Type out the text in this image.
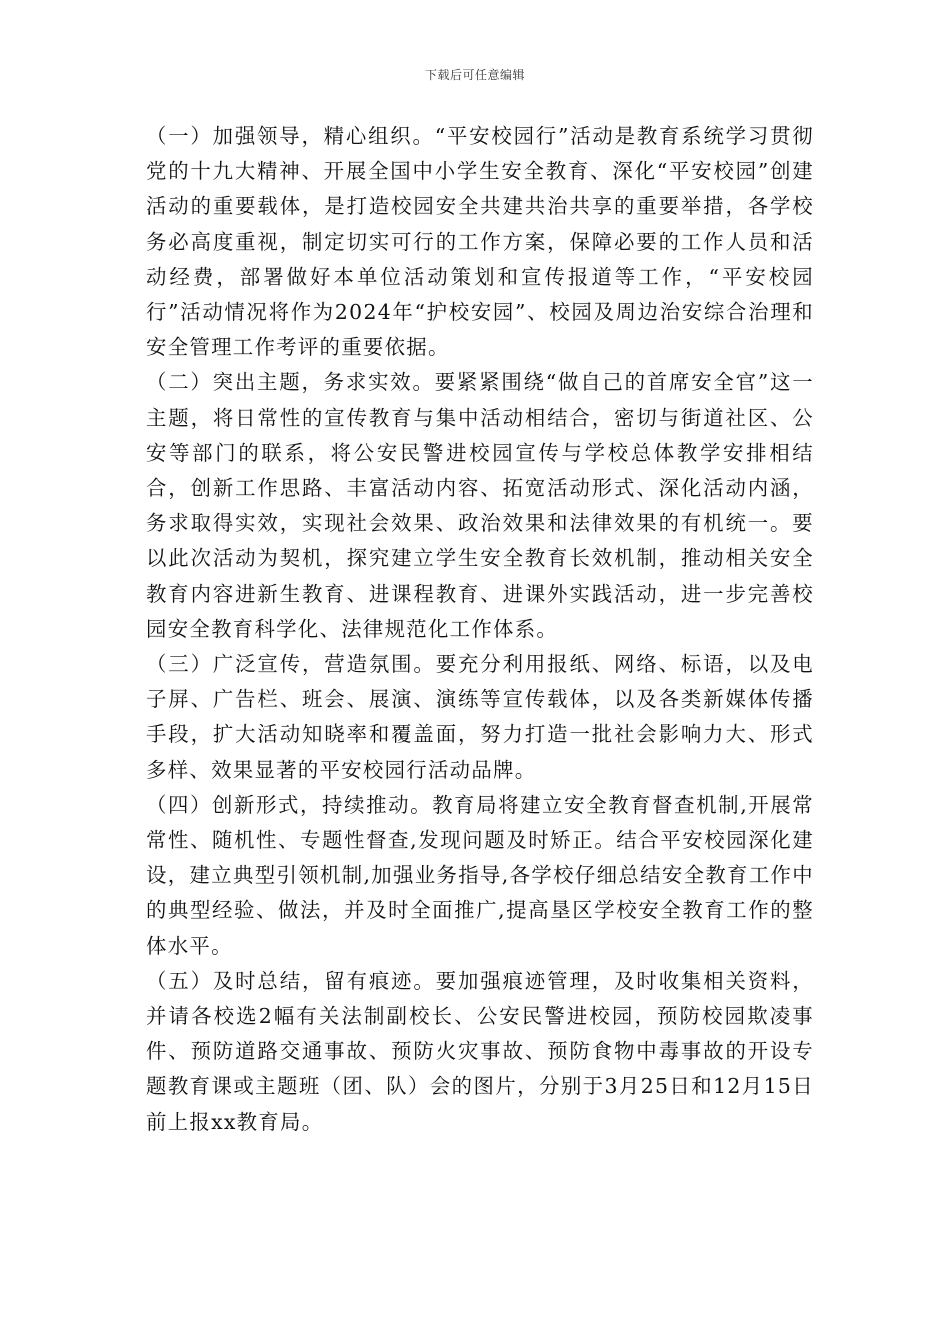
下载后可任意编辑

（一）加强领导，精心组织。“平安校园行”活动是教育系统学习贯彻党的十九大精神、开展全国中小学生安全教育、深化“平安校园”创建活动的重要载体，是打造校园安全共建共治共享的重要举措，各学校务必高度重视，制定切实可行的工作方案，保障必要的工作人员和活动经费，部署做好本单位活动策划和宣传报道等工作，“平安校园行”活动情况将作为2024年“护校安园”、校园及周边治安综合治理和安全管理工作考评的重要依据。

（二）突出主题，务求实效。要紧紧围绕“做自己的首席安全官”这一主题，将日常性的宣传教育与集中活动相结合，密切与街道社区、公安等部门的联系，将公安民警进校园宣传与学校总体教学安排相结合，创新工作思路、丰富活动内容、拓宽活动形式、深化活动内涵，务求取得实效，实现社会效果、政治效果和法律效果的有机统一。要以此次活动为契机，探究建立学生安全教育长效机制，推动相关安全教育内容进新生教育、进课程教育、进课外实践活动，进一步完善校园安全教育科学化、法律规范化工作体系。

（三）广泛宣传，营造氛围。要充分利用报纸、网络、标语，以及电子屏、广告栏、班会、展演、演练等宣传载体，以及各类新媒体传播手段，扩大活动知晓率和覆盖面，努力打造一批社会影响力大、形式多样、效果显著的平安校园行活动品牌。

（四）创新形式，持续推动。教育局将建立安全教育督查机制,开展常常性、随机性、专题性督查,发现问题及时矫正。结合平安校园深化建设，建立典型引领机制,加强业务指导,各学校仔细总结安全教育工作中的典型经验、做法，并及时全面推广,提高垦区学校安全教育工作的整体水平。

（五）及时总结，留有痕迹。要加强痕迹管理，及时收集相关资料，并请各校选2幅有关法制副校长、公安民警进校园，预防校园欺凌事件、预防道路交通事故、预防火灾事故、预防食物中毒事故的开设专题教育课或主题班（团、队）会的图片，分别于3月25日和12月15日前上报xx教育局。
